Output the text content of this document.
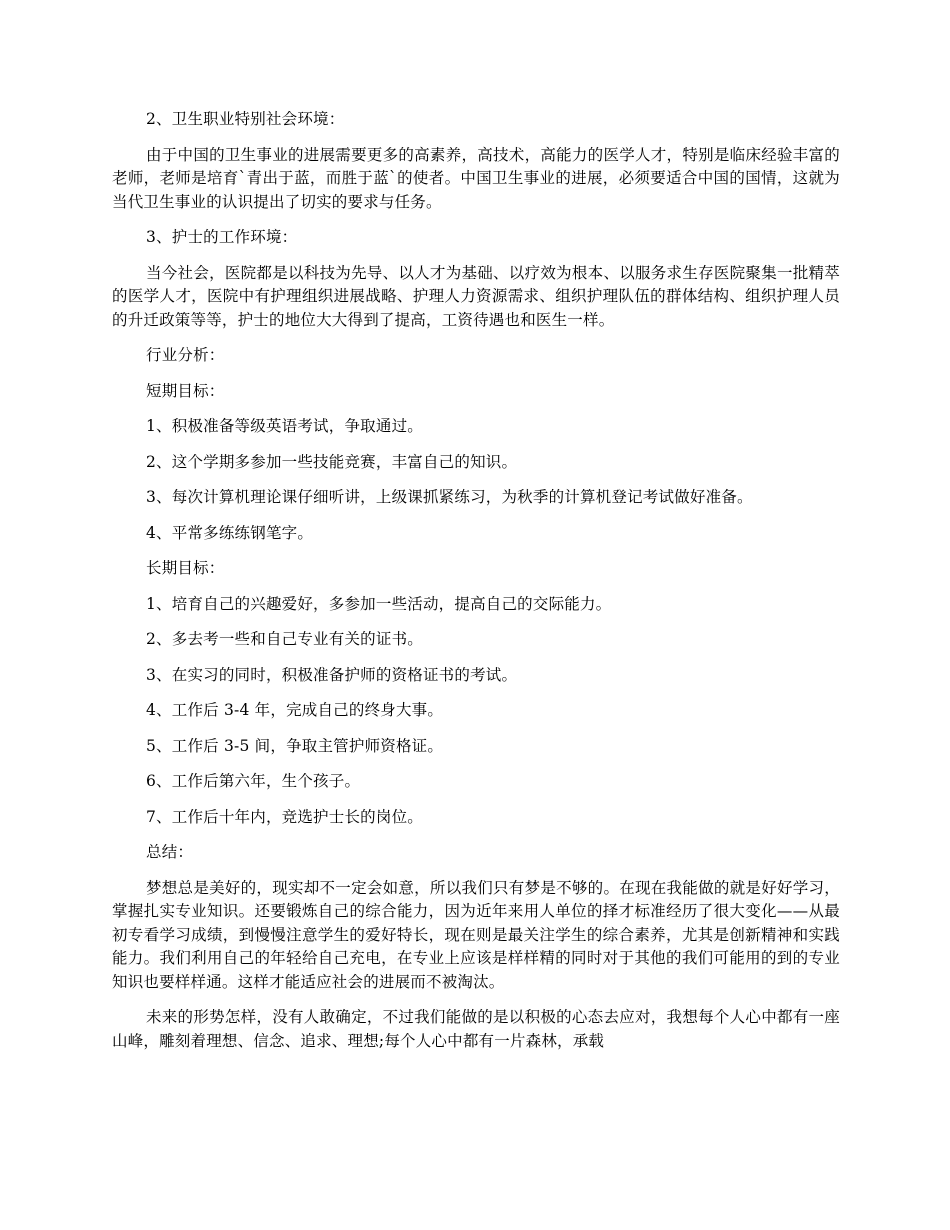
2、卫生职业特别社会环境：

由于中国的卫生事业的进展需要更多的高素养，高技术，高能力的医学人才，特别是临床经验丰富的老师，老师是培育`青出于蓝，而胜于蓝`的使者。中国卫生事业的进展，必须要适合中国的国情，这就为当代卫生事业的认识提出了切实的要求与任务。

3、护士的工作环境：

当今社会，医院都是以科技为先导、以人才为基础、以疗效为根本、以服务求生存医院聚集一批精萃的医学人才，医院中有护理组织进展战略、护理人力资源需求、组织护理队伍的群体结构、组织护理人员的升迁政策等等，护士的地位大大得到了提高，工资待遇也和医生一样。

行业分析：

短期目标：

1、积极准备等级英语考试，争取通过。

2、这个学期多参加一些技能竞赛，丰富自己的知识。

3、每次计算机理论课仔细听讲，上级课抓紧练习，为秋季的计算机登记考试做好准备。

4、平常多练练钢笔字。

长期目标：

1、培育自己的兴趣爱好，多参加一些活动，提高自己的交际能力。

2、多去考一些和自己专业有关的证书。

3、在实习的同时，积极准备护师的资格证书的考试。

4、工作后 3-4 年，完成自己的终身大事。

5、工作后 3-5 间，争取主管护师资格证。

6、工作后第六年，生个孩子。

7、工作后十年内，竞选护士长的岗位。

总结：

梦想总是美好的，现实却不一定会如意，所以我们只有梦是不够的。在现在我能做的就是好好学习，掌握扎实专业知识。还要锻炼自己的综合能力，因为近年来用人单位的择才标准经历了很大变化——从最初专看学习成绩，到慢慢注意学生的爱好特长，现在则是最关注学生的综合素养，尤其是创新精神和实践能力。我们利用自己的年轻给自己充电，在专业上应该是样样精的同时对于其他的我们可能用的到的专业知识也要样样通。这样才能适应社会的进展而不被淘汰。

未来的形势怎样，没有人敢确定，不过我们能做的是以积极的心态去应对，我想每个人心中都有一座山峰，雕刻着理想、信念、追求、理想;每个人心中都有一片森林，承载
